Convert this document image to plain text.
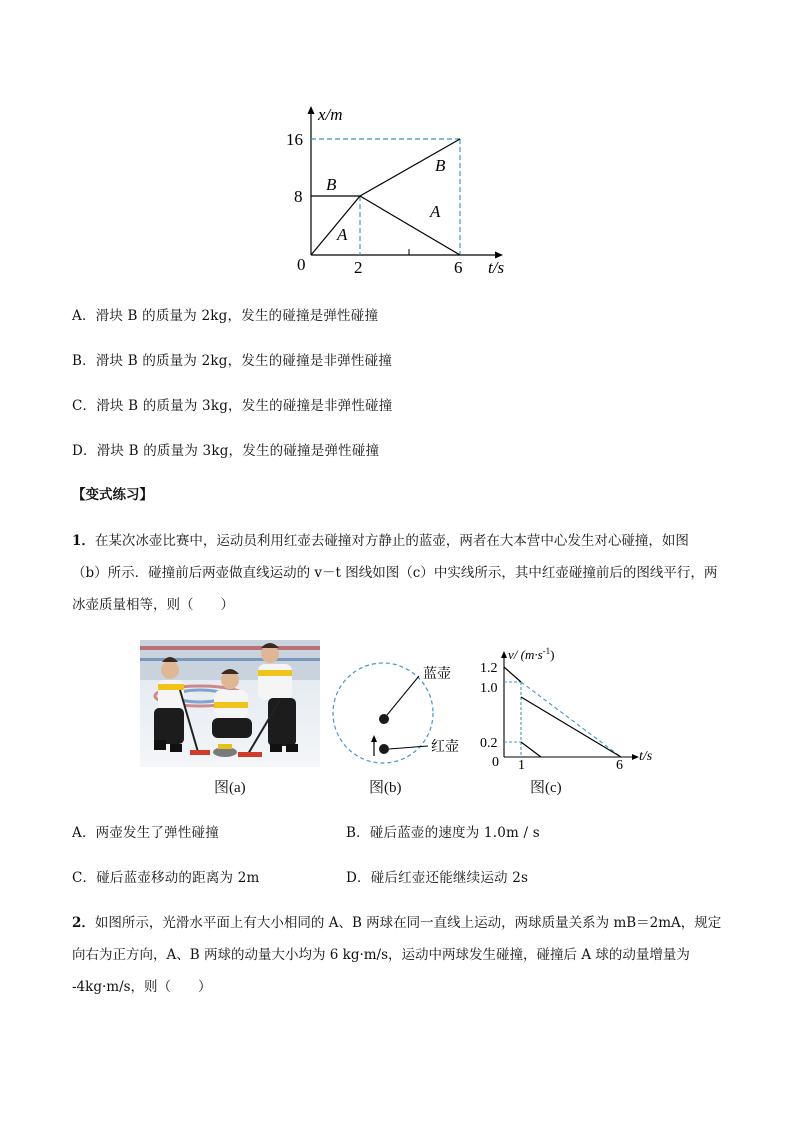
x/m
t/s
16
8
0	2	6
B
B
A
A
A．滑块 B 的质量为 2kg，发生的碰撞是弹性碰撞
B．滑块 B 的质量为 2kg，发生的碰撞是非弹性碰撞
C．滑块 B 的质量为 3kg，发生的碰撞是非弹性碰撞
D．滑块 B 的质量为 3kg，发生的碰撞是弹性碰撞
【变式练习】
1．在某次冰壶比赛中，运动员利用红壶去碰撞对方静止的蓝壶，两者在大本营中心发生对心碰撞，如图
（b）所示．碰撞前后两壶做直线运动的 v－t 图线如图（c）中实线所示，其中红壶碰撞前后的图线平行，两
冰壶质量相等，则（　　）
图(a)
蓝壶
红壶
图(b)
v/ $(m\cdot s^{-1})$
1.2
1.0
0.2
0 1	6
t/s
图(c)
A．两壶发生了弹性碰撞	B．碰后蓝壶的速度为 1.0m / s
C．碰后蓝壶移动的距离为 2m	D．碰后红壶还能继续运动 2s
2．如图所示，光滑水平面上有大小相同的 A、B 两球在同一直线上运动，两球质量关系为 mB＝2mA，规定
向右为正方向，A、B 两球的动量大小均为 6 kg·m/s，运动中两球发生碰撞，碰撞后 A 球的动量增量为
-4kg·m/s，则（　　）
